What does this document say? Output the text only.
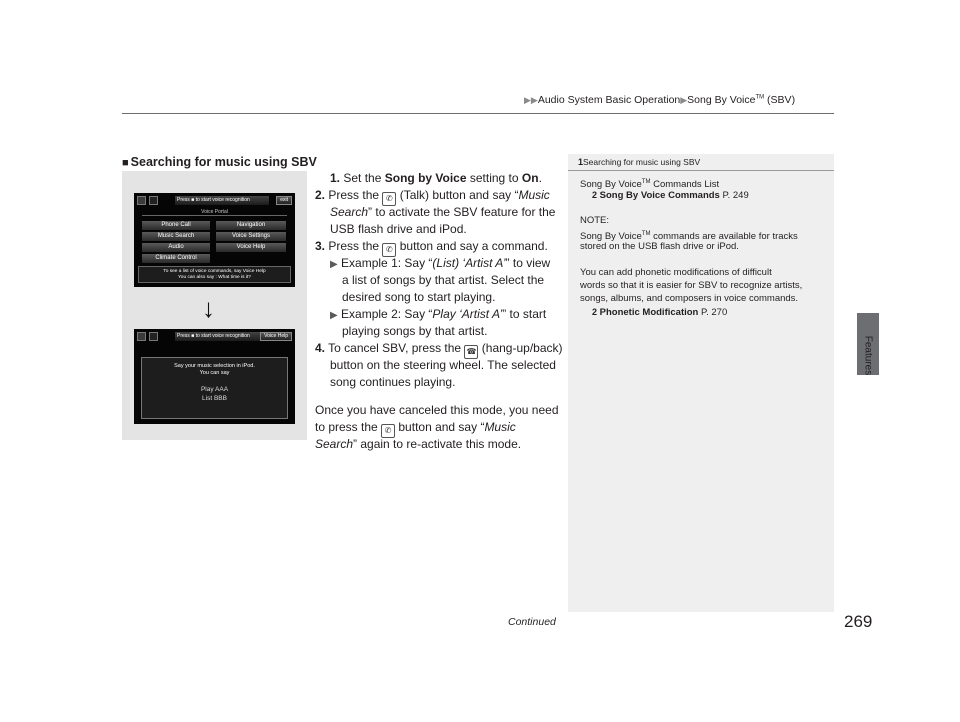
▶▶Audio System Basic Operation▶Song By Voice™ (SBV)
Features
■ Searching for music using SBV
Press ■ to start voice recognition	exit
Voice Portal
Phone Call	Navigation
Music Search	Voice Settings
Audio	Voice Help
Climate Control
To see a list of voice commands, say Voice Help
You can also say : What time is it?
Press ■ to start voice recognition	Voice Help
Say your music selection in iPod.
You can say
Play AAA
List BBB
↓
1. Set the Song by Voice setting to On.
2. Press the ✆ (Talk) button and say “Music
Search” to activate the SBV feature for the
USB flash drive and iPod.
3. Press the ✆ button and say a command.
▶ Example 1: Say “(List) ‘Artist A’” to view
a list of songs by that artist. Select the
desired song to start playing.
▶ Example 2: Say “Play ‘Artist A’” to start
playing songs by that artist.
4. To cancel SBV, press the ☎ (hang-up/back)
button on the steering wheel. The selected
song continues playing.
Once you have canceled this mode, you need
to press the ✆ button and say “Music
Search” again to re-activate this mode.
1Searching for music using SBV
Song By Voice™ Commands List
2 Song By Voice Commands P. 249
NOTE:
Song By Voice™ commands are available for tracks
stored on the USB flash drive or iPod.
You can add phonetic modifications of difficult
words so that it is easier for SBV to recognize artists,
songs, albums, and composers in voice commands.
2 Phonetic Modification P. 270
Continued	269
